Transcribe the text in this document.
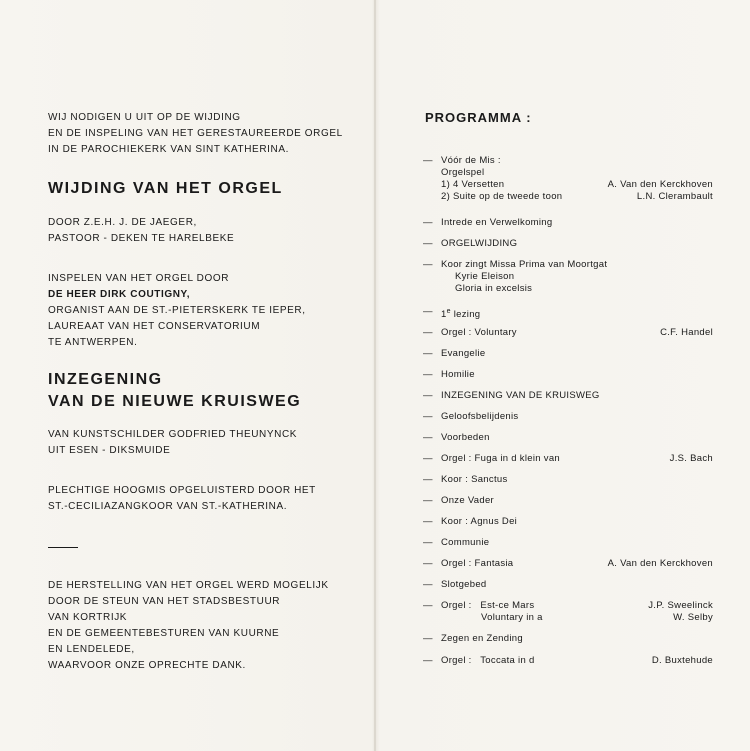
WIJ NODIGEN U UIT OP DE WIJDING
EN DE INSPELING VAN HET GERESTAUREERDE ORGEL
IN DE PAROCHIEKERK VAN SINT KATHERINA.
WIJDING VAN HET ORGEL
DOOR Z.E.H. J. DE JAEGER,
PASTOOR - DEKEN TE HARELBEKE
INSPELEN VAN HET ORGEL DOOR
DE HEER DIRK COUTIGNY,
ORGANIST AAN DE ST.-PIETERSKERK TE IEPER,
LAUREAAT VAN HET CONSERVATORIUM
TE ANTWERPEN.
INZEGENING
VAN DE NIEUWE KRUISWEG
VAN KUNSTSCHILDER GODFRIED THEUNYNCK
UIT ESEN - DIKSMUIDE
PLECHTIGE HOOGMIS OPGELUISTERD DOOR HET
ST.-CECILIAZANGKOOR VAN ST.-KATHERINA.
DE HERSTELLING VAN HET ORGEL WERD MOGELIJK
DOOR DE STEUN VAN HET STADSBESTUUR
VAN KORTRIJK
EN DE GEMEENTEBESTUREN VAN KUURNE
EN LENDELEDE,
WAARVOOR ONZE OPRECHTE DANK.
PROGRAMMA :
— Vóór de Mis :
Orgelspel
1) 4 Versetten	A. Van den Kerckhoven
2) Suite op de tweede toon	L.N. Clerambault
— Intrede en Verwelkoming
— ORGELWIJDING
— Koor zingt Missa Prima van Moortgat
Kyrie Eleison
Gloria in excelsis
— 1e lezing
— Orgel : Voluntary	C.F. Handel
— Evangelie
— Homilie
— INZEGENING VAN DE KRUISWEG
— Geloofsbelijdenis
— Voorbeden
— Orgel : Fuga in d klein van	J.S. Bach
— Koor : Sanctus
— Onze Vader
— Koor : Agnus Dei
— Communie
— Orgel : Fantasia	A. Van den Kerckhoven
— Slotgebed
— Orgel :   Est-ce Mars	J.P. Sweelinck
Voluntary in a	W. Selby
— Zegen en Zending
— Orgel :   Toccata in d	D. Buxtehude
